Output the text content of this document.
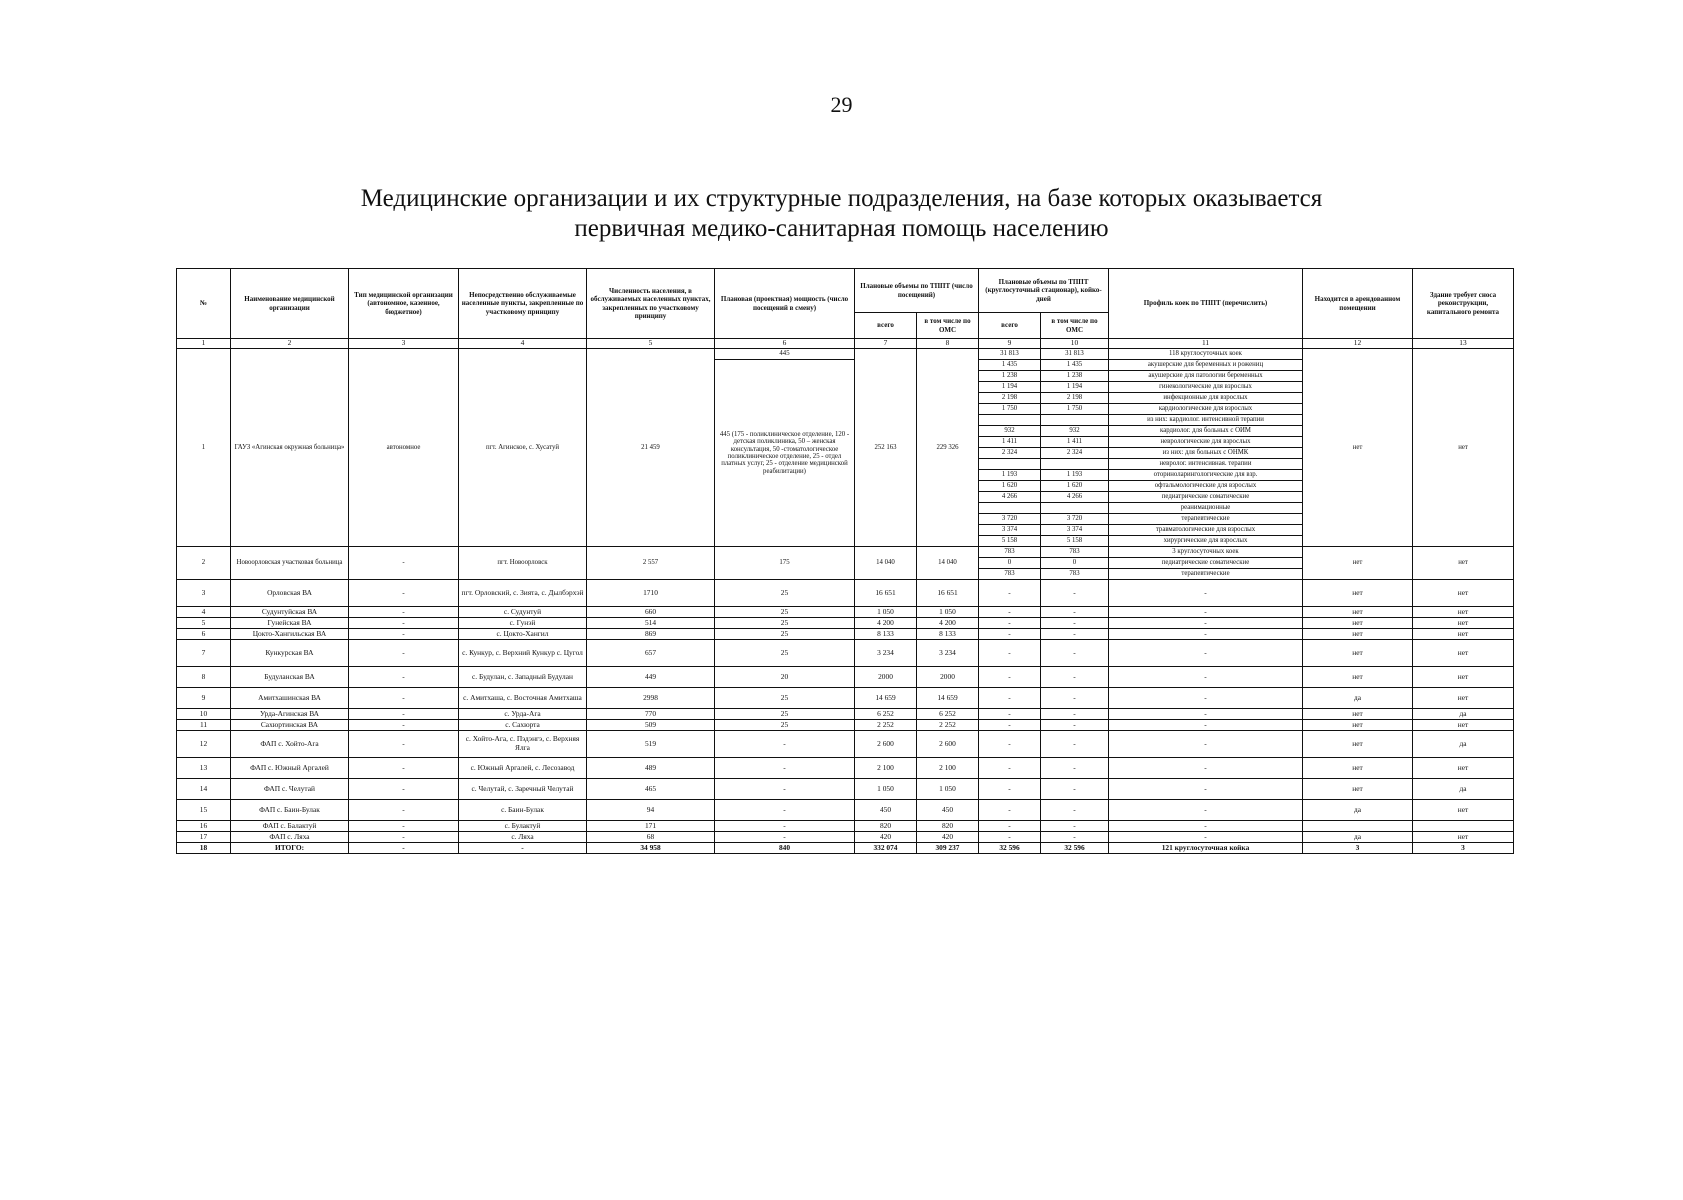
29
Медицинские организации и их структурные подразделения, на базе которых оказывается
первичная медико-санитарная помощь населению
№	Наименование медицинской организации	Тип медицинской организации (автономное, казенное, бюджетное)	Непосредственно обслуживаемые населенные пункты, закрепленные по участковому принципу	Численность населения, в обслуживаемых населенных пунктах, закрепленных по участковому принципу	Плановая (проектная) мощность (число посещений в смену)	Плановые объемы по ТППТ (число посещений)		Плановые объемы по ТППТ (круглосуточный стационар), койко-дней		Профиль коек по ТППТ (перечислить)	Находится в арендованном помещении	Здание требует сноса реконструкции, капитального ремонта
						всего	в том числе по ОМС	всего	в том числе по ОМС			
1	2	3	4	5	6	7	8	9	10	11	12	13
1	ГАУЗ «Агинская окружная больница»	автономное	пгт. Агинское, с. Хусатуй	21 459	445	252 163	229 326	31 813	31 813	118 круглосуточных коек	нет	нет
					445 (175 - поликлиническое отделение, 120 - детская поликлиника, 50 – женская консультация, 50 -стоматологическое поликлиническое отделение, 25 - отдел платных услуг, 25 - отделение медицинской реабилитации)			1 435	1 435	акушерские для беременных и рожениц		
								1 238	1 238	акушерские для патологии беременных		
								1 194	1 194	гинекологические для взрослых		
								2 198	2 198	инфекционные для взрослых		
								1 750	1 750	кардиологические для взрослых		
										из них: кардиолог. интенсивной терапии		
								932	932	кардиолог. для больных с ОИМ		
								1 411	1 411	неврологические для взрослых		
								2 324	2 324	из них: для больных с ОНМК		
										невролог. интенсивная. терапии		
								1 193	1 193	оториноларингологические для взр.		
								1 620	1 620	офтальмологические для взрослых		
								4 266	4 266	педиатрические соматические		
										реанимационные		
								3 720	3 720	терапевтические		
								3 374	3 374	травматологические для взрослых		
								5 158	5 158	хирургические для взрослых		
2	Новоорловская участковая больница	-	пгт. Новоорловск	2 557	175	14 040	14 040	783	783	3 круглосуточных коек	нет	нет
								0	0	педиатрические соматические		
								783	783	терапевтические		
3	Орловская ВА	-	пгт. Орловский, с. Зията, с. Дылбэрхэй	1710	25	16 651	16 651	-	-	-	нет	нет
4	Судунтуйская ВА	-	с. Судунтуй	660	25	1 050	1 050	-	-	-	нет	нет
5	Гунейская ВА	-	с. Гунэй	514	25	4 200	4 200	-	-	-	нет	нет
6	Цокто-Хангильская ВА	-	с. Цокто-Хангил	869	25	8 133	8 133	-	-	-	нет	нет
7	Кункурская ВА	-	с. Кункур, с. Верхний Кункур с. Цугол	657	25	3 234	3 234	-	-	-	нет	нет
8	Будуланская ВА	-	с. Будулан, с. Западный Будулан	449	20	2000	2000	-	-	-	нет	нет
9	Амитхашинская ВА	-	с. Амитхаша, с. Восточная Амитхаша	2998	25	14 659	14 659	-	-	-	да	нет
10	Урда-Агинская ВА	-	с. Урда-Ага	770	25	6 252	6 252	-	-	-	нет	да
11	Сахюртинская ВА	-	с. Сахюрта	509	25	2 252	2 252	-	-	-	нет	нет
12	ФАП с. Хойто-Ага	-	с. Хойто-Ага, с. Пэдэнгэ, с. Верхняя Ялга	519	-	2 600	2 600	-	-	-	нет	да
13	ФАП с. Южный Аргалей	-	с. Южный Аргалей, с. Лесозавод	489	-	2 100	2 100	-	-	-	нет	нет
14	ФАП с. Челутай	-	с. Челутай, с. Заречный Челутай	465	-	1 050	1 050	-	-	-	нет	да
15	ФАП с. Баин-Булак	-	с. Баин-Булак	94	-	450	450	-	-	-	да	нет
16	ФАП с. Балактуй	-	с. Булактуй	171	-	820	820	-	-	-		
17	ФАП с. Ляха	-	с. Ляха	68	-	420	420	-	-	-	да	нет
18	ИТОГО:	-	-	34 958	840	332 074	309 237	32 596	32 596	121 круглосуточная койка	3	3
